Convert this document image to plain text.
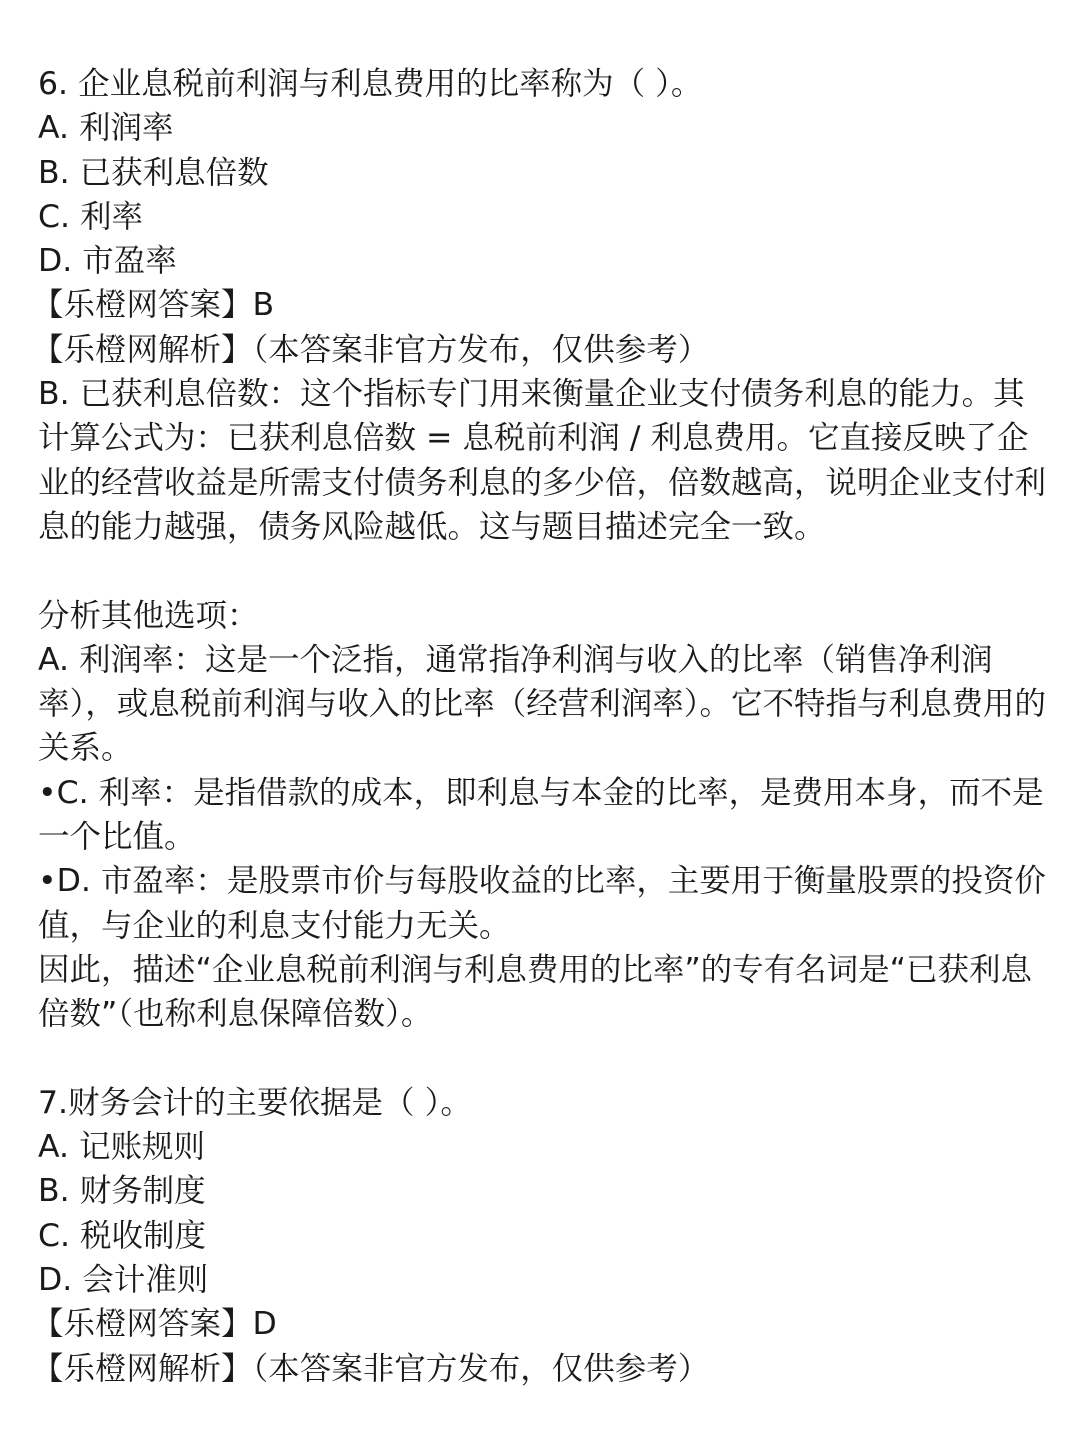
6. 企业息税前利润与利息费用的比率称为（ ）。
A. 利润率
B. 已获利息倍数
C. 利率
D. 市盈率
【乐橙网答案】B
【乐橙网解析】（本答案非官方发布，仅供参考）
B. 已获利息倍数：这个指标专门用来衡量企业支付债务利息的能力。其计算公式为：已获利息倍数 = 息税前利润 / 利息费用。它直接反映了企业的经营收益是所需支付债务利息的多少倍，倍数越高，说明企业支付利息的能力越强，债务风险越低。这与题目描述完全一致。
分析其他选项：
A. 利润率：这是一个泛指，通常指净利润与收入的比率（销售净利润率），或息税前利润与收入的比率（经营利润率）。它不特指与利息费用的关系。
•C. 利率：是指借款的成本，即利息与本金的比率，是费用本身，而不是一个比值。
•D. 市盈率：是股票市价与每股收益的比率，主要用于衡量股票的投资价值，与企业的利息支付能力无关。
因此，描述“企业息税前利润与利息费用的比率”的专有名词是“已获利息倍数”（也称利息保障倍数）。
7.财务会计的主要依据是（ ）。
A. 记账规则
B. 财务制度
C. 税收制度
D. 会计准则
【乐橙网答案】D
【乐橙网解析】（本答案非官方发布，仅供参考）
